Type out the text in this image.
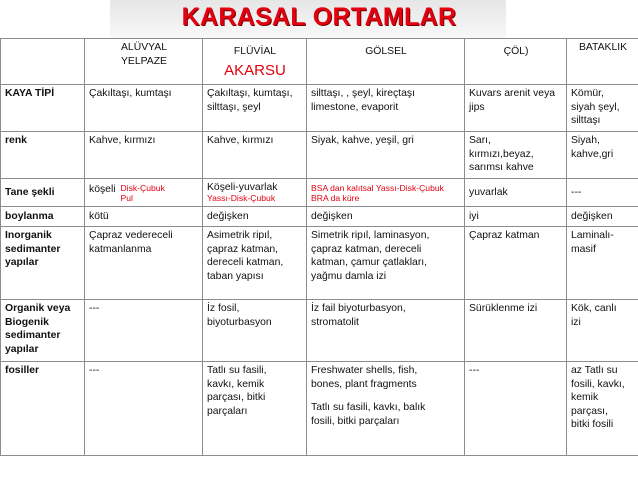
KARASAL ORTAMLAR

	ALÜVYAL
YELPAZE	FLÜVİAL
AKARSU	GÖLSEL	ÇÖL)	BATAKLIK

KAYA TİPİ	Çakıltaşı, kumtaşı	Çakıltaşı, kumtaşı,
silttaşı, şeyl	silttaşı, , şeyl, kireçtaşı
limestone, evaporit	Kuvars arenit veya
jips	Kömür,
siyah şeyl,
silttaşı
renk	Kahve, kırmızı	Kahve, kırmızı	Siyak, kahve, yeşil, gri	Sarı,
kırmızı,beyaz,
sarımsı kahve	Siyah,
kahve,gri
Tane şekli	köşeli Disk-Çubuk
Pul	Köşeli-yuvarlak
Yassı-Disk-Çubuk	BSA dan kalıtsal Yassı-Disk-Çubuk
BRA da küre	yuvarlak	---
boylanma	kötü	değişken	değişken	iyi	değişken
Inorganik
sedimanter
yapılar	Çapraz vedereceli
katmanlanma	Asimetrik ripıl,
çapraz katman,
dereceli katman,
taban yapısı	Simetrik ripıl, laminasyon,
çapraz katman, dereceli
katman, çamur çatlakları,
yağmu damla izi	Çapraz katman	Laminalı-
masif
Organik veya
Biogenik
sedimanter
yapılar	---	İz fosil,
biyoturbasyon	İz fail biyoturbasyon,
stromatolit	Sürüklenme izi	Kök, canlı
izi
fosiller	---	Tatlı su fasili,
kavkı, kemik
parçası, bitki
parçaları	Freshwater shells, fish,
bones, plant fragments
Tatlı su fasili, kavkı, balık
fosili, bitki parçaları	---	az Tatlı su
fosili, kavkı,
kemik
parçası,
bitki fosili
